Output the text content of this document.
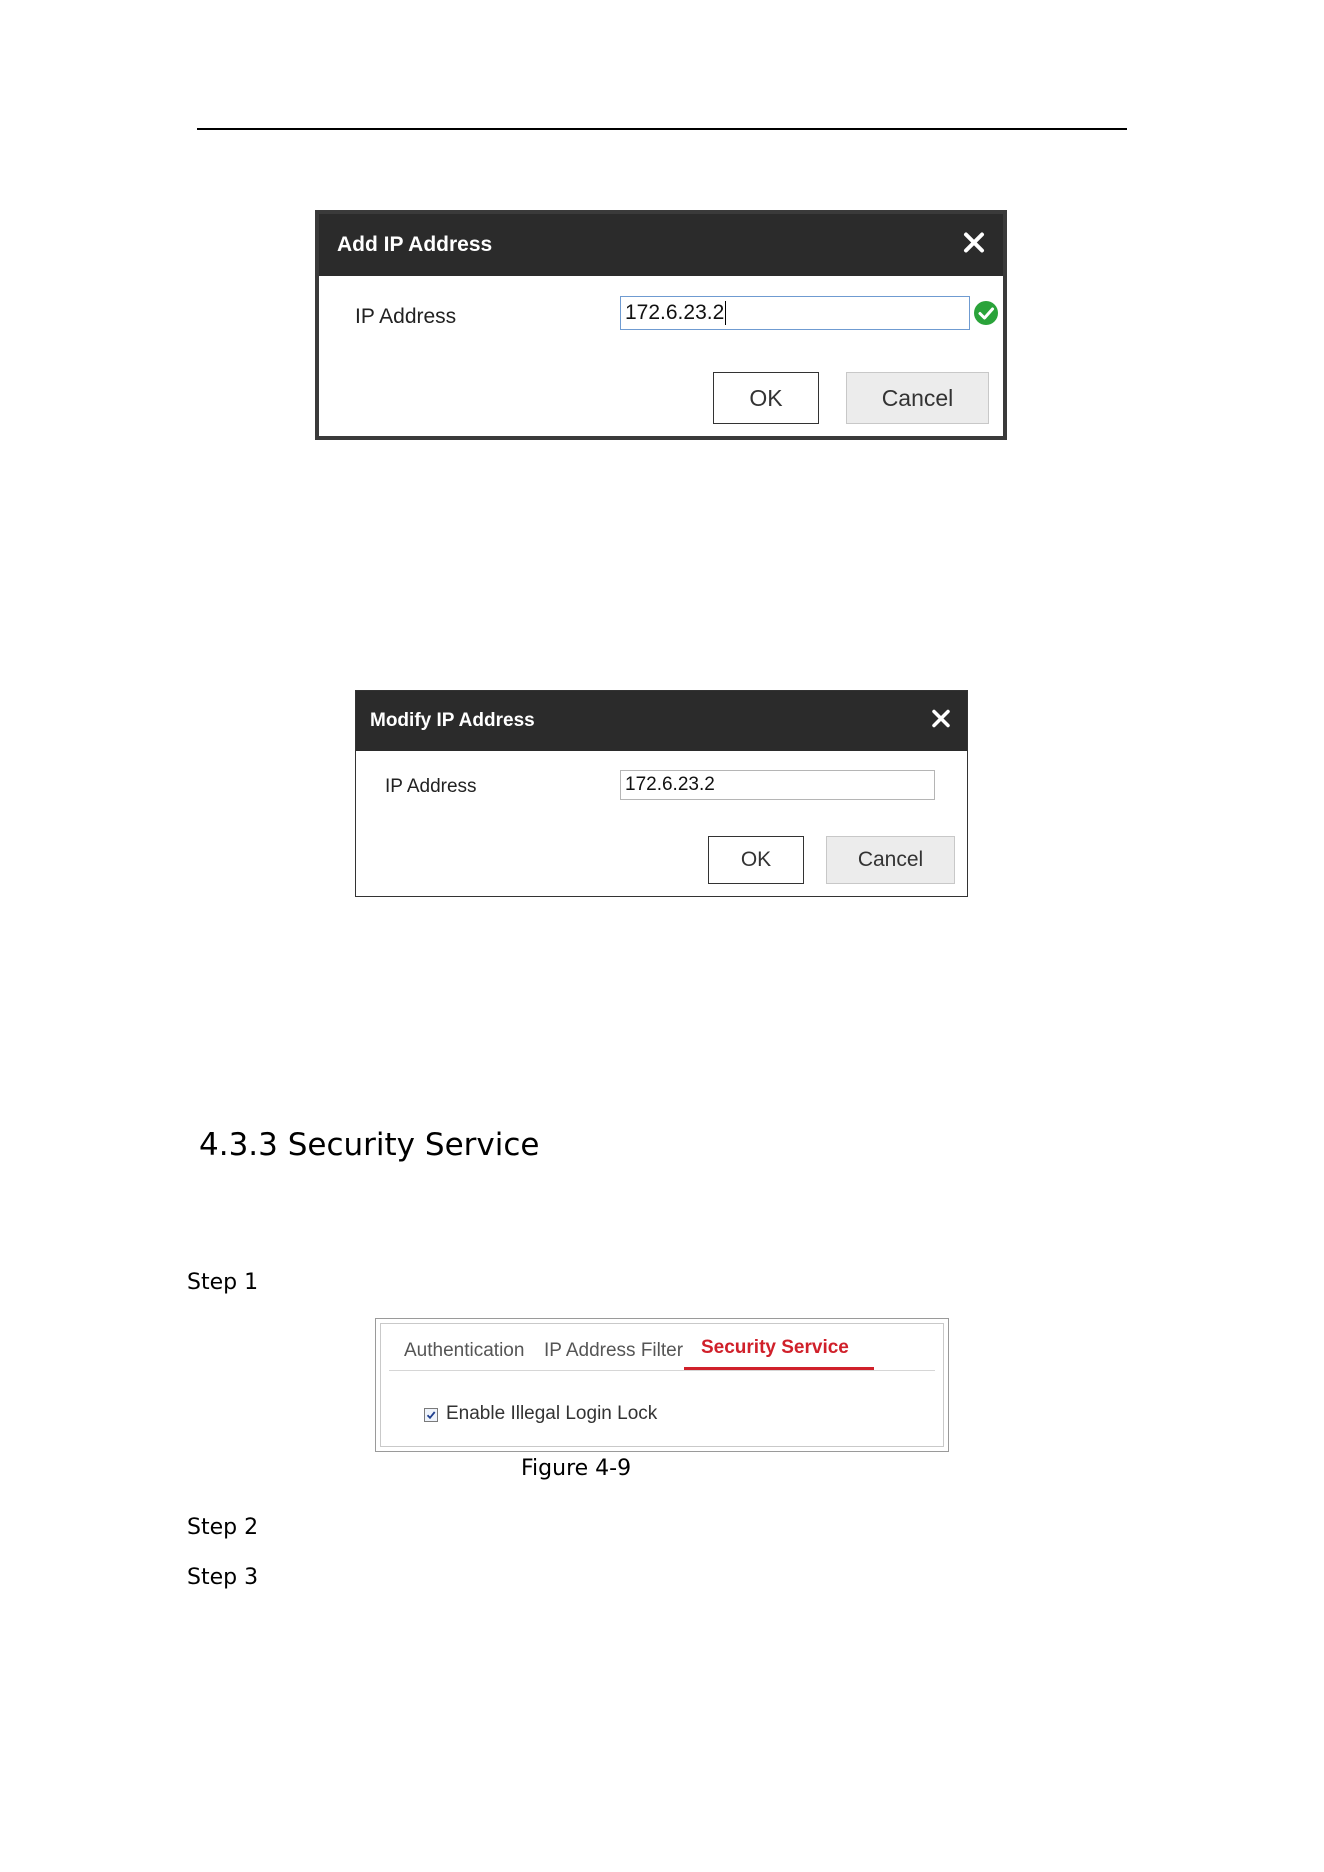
Add IP Address
IP Address	172.6.23.2
OK	Cancel
Modify IP Address
IP Address	172.6.23.2
OK	Cancel
4.3.3 Security Service
Step 1
Authentication IP Address Filter Security Service
Enable Illegal Login Lock
Figure 4-9
Step 2
Step 3
